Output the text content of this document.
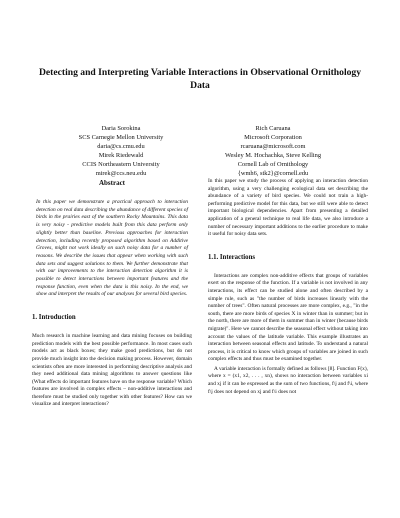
Detecting and Interpreting Variable Interactions in Observational Ornithology Data
Daria Sorokina
SCS Carnegie Mellon University
daria@cs.cmu.edu
Rich Caruana
Microsoft Corporation
rcaruana@microsoft.com
Mirek Riedewald
CCIS Northeastern University
mirek@ccs.neu.edu
Wesley M. Hochachka, Steve Kelling
Cornell Lab of Ornithology
{wmh6, stk2}@cornell.edu
Abstract
In this paper we demonstrate a practical approach to interaction detection on real data describing the abundance of different species of birds in the prairies east of the southern Rocky Mountains. This data is very noisy - predictive models built from this data perform only slightly better than baseline. Previous approaches for interaction detection, including recently proposed algorithm based on Additive Groves, might not work ideally on such noisy data for a number of reasons. We describe the issues that appear when working with such data sets and suggest solutions to them. We further demonstrate that with our improvements to the interaction detection algorithm it is possible to detect interactions between important features and the response function, even when the data is this noisy. In the end, we show and interpret the results of our analyses for several bird species.
1. Introduction

Much research in machine learning and data mining focuses on building prediction models with the best possible performance. In most cases such models act as black boxes; they make good predictions, but do not provide much insight into the decision making process. However, domain scientists often are more interested in performing descriptive analysis and they need additional data mining algorithms to answer questions like (What effects do important features have on the response variable? Which features are involved in complex effects – non-additive interactions and therefore must be studied only together with other features? How can we visualize and interpret interactions?

In this paper we study the process of applying an interaction detection algorithm, using a very challenging ecological data set describing the abundance of a variety of bird species. We could not train a high-performing predictive model for this data, but we still were able to detect important biological dependencies. Apart from presenting a detailed application of a general technique to real life data, we also introduce a number of necessary important additions to the earlier procedure to make it useful for noisy data sets.

1.1. Interactions

Interactions are complex non-additive effects that groups of variables exert on the response of the function. If a variable is not involved in any interactions, its effect can be studied alone and often described by a simple rule, such as "the number of birds increases linearly with the number of trees". Often natural processes are more complex, e.g., "in the south, there are more birds of species X in winter than in summer; but in the north, there are more of them in summer than in winter (because birds migrate)". Here we cannot describe the seasonal effect without taking into account the values of the latitude variable. This example illustrates an interaction between seasonal effects and latitude. To understand a natural process, it is critical to know which groups of variables are joined in such complex effects and thus must be examined together.

A variable interaction is formally defined as follows [8]. Function F(x), where x = (x1, x2, . . . , xn), shows no interaction between variables xi and xj if it can be expressed as the sum of two functions, f\j and f\i, where f\j does not depend on xj and f\i does not
